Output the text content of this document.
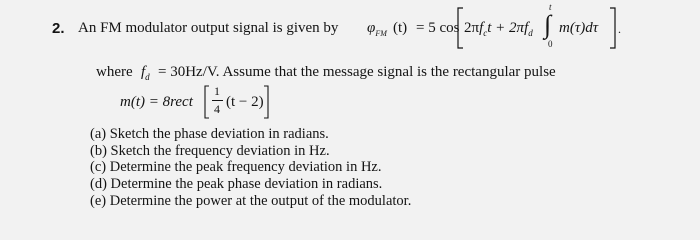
2. An FM modulator output signal is given by $\varphi_{FM}$ (t) = 5 $\cos 2\pi f_ct + 2\pi f_d$
t
∫
0
m(τ)dτ .
where $f_d = 30Hz/V$. Assume that the message signal is the rectangular pulse
m(t) = 8rect
1
4 (t − 2)
(a) Sketch the phase deviation in radians.
(b) Sketch the frequency deviation in Hz.
(c) Determine the peak frequency deviation in Hz.
(d) Determine the peak phase deviation in radians.
(e) Determine the power at the output of the modulator.
